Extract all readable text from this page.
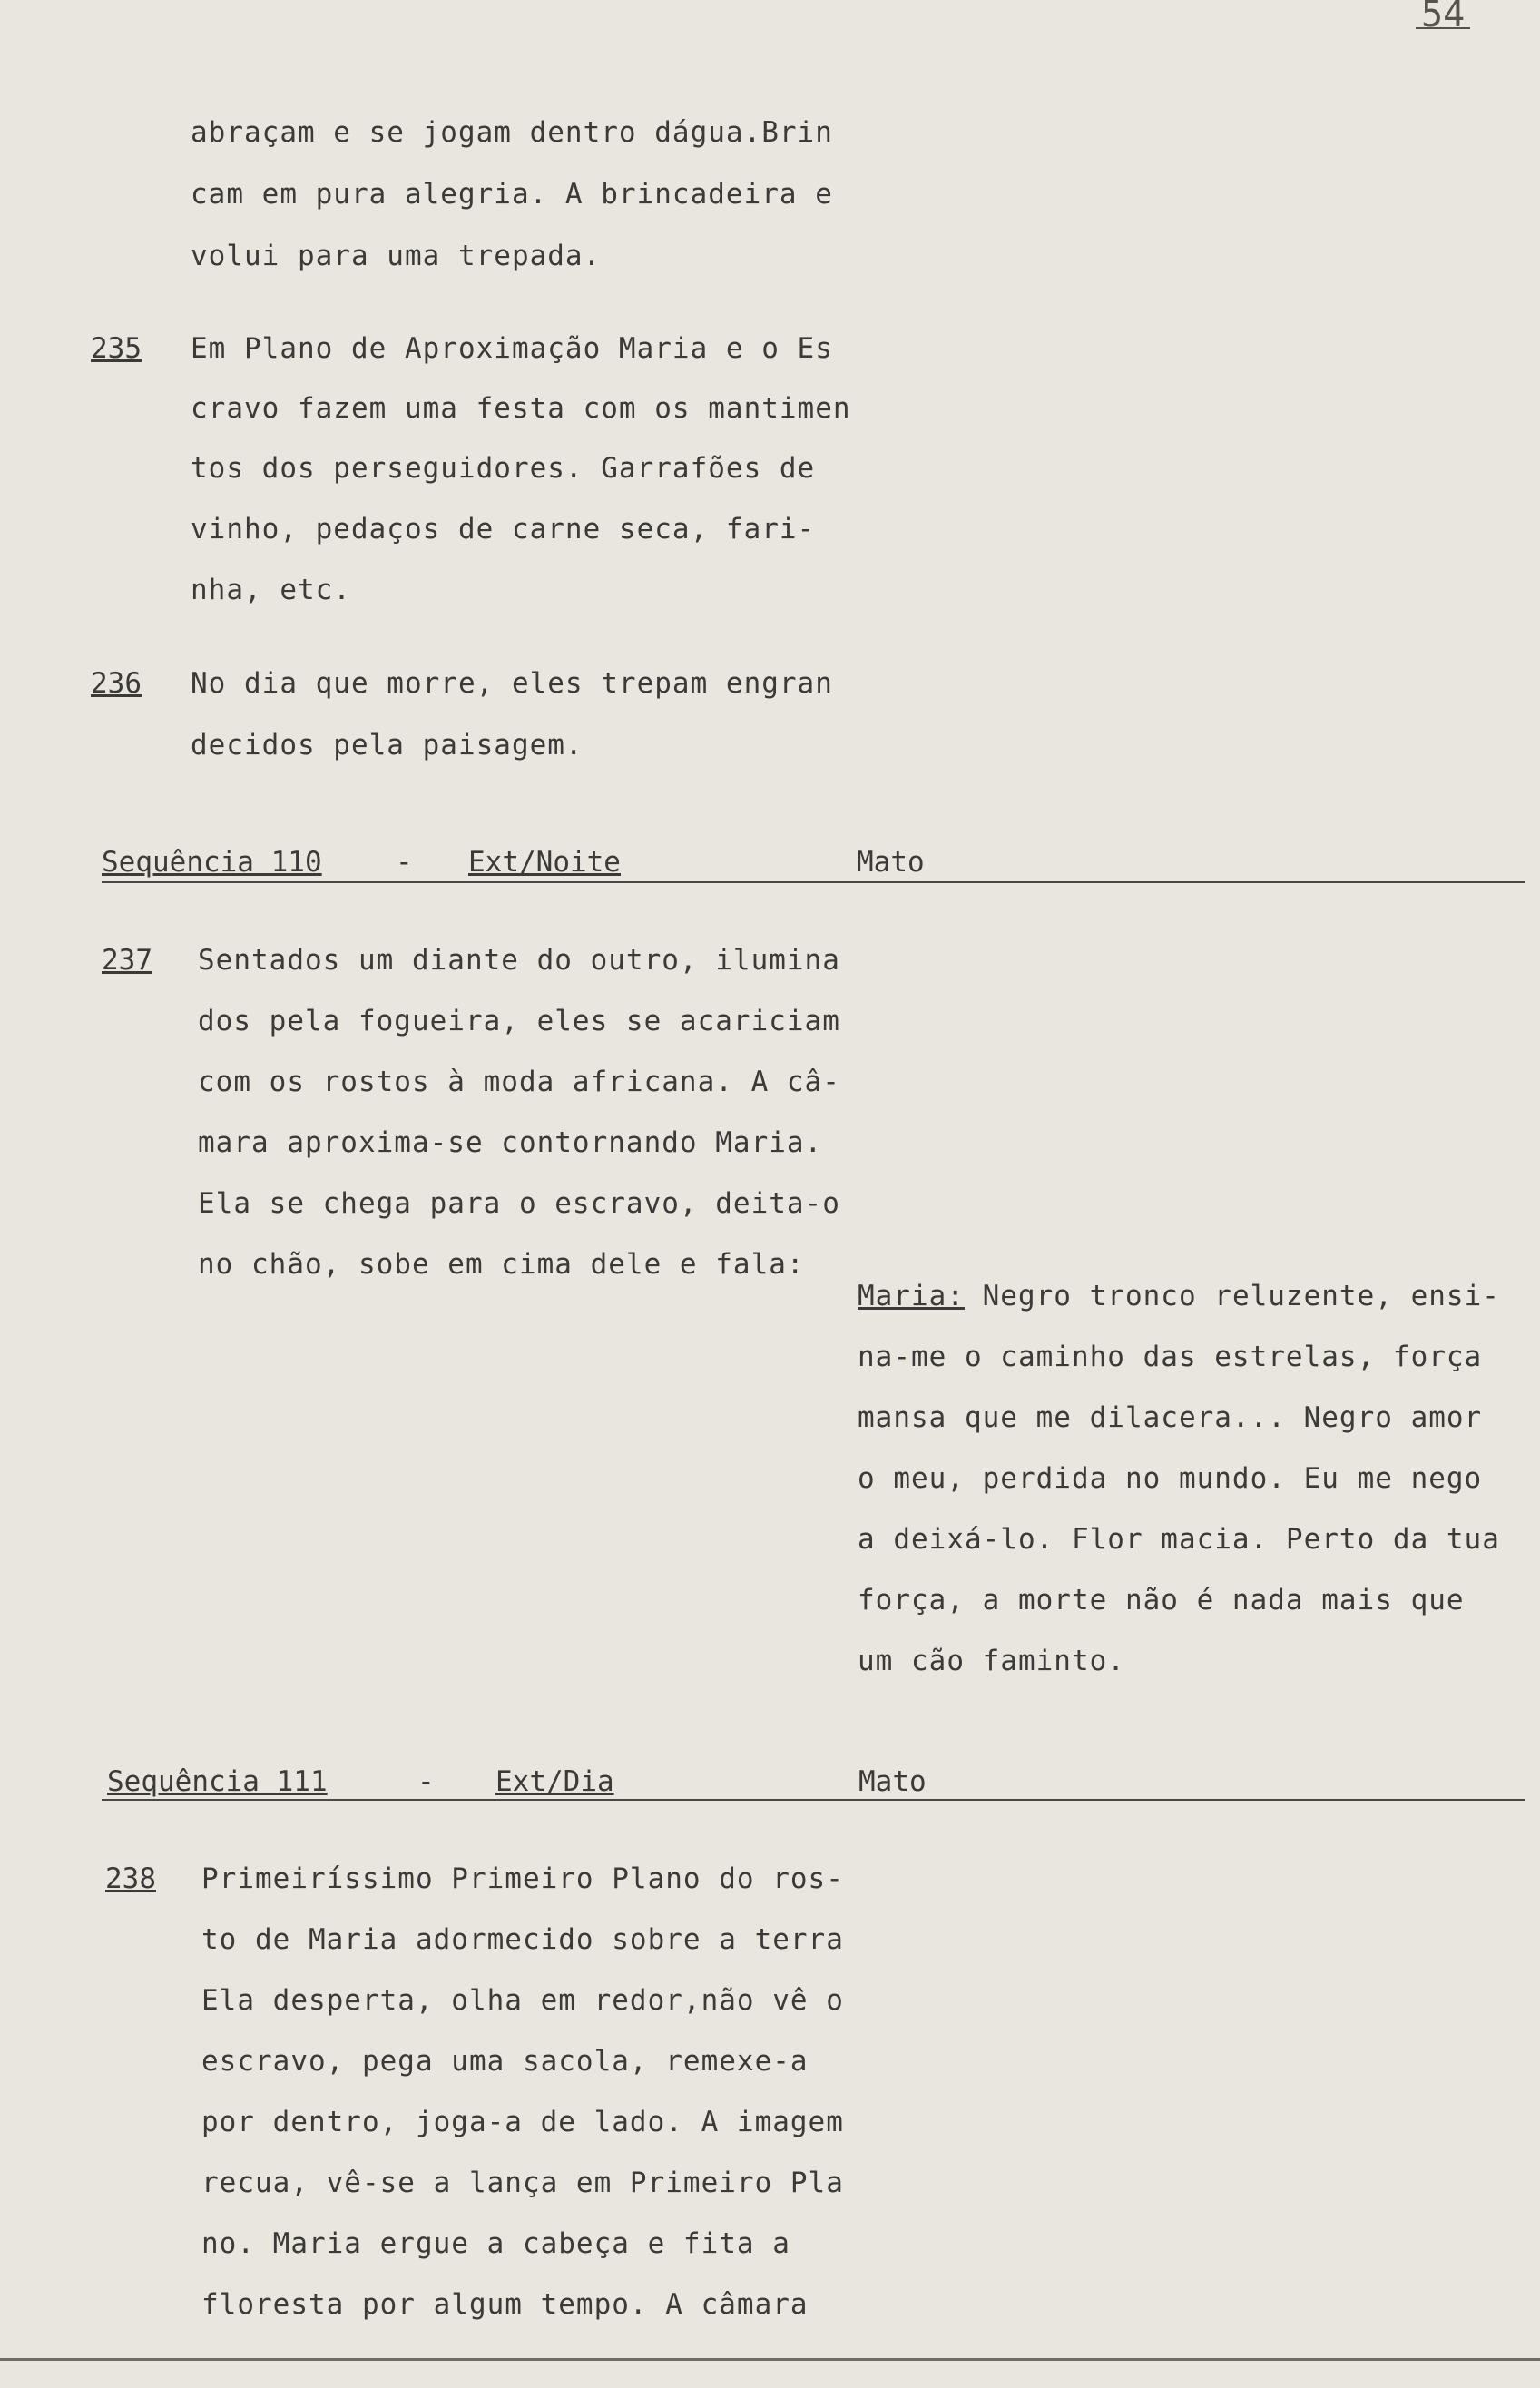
54
abraçam e se jogam dentro dágua.Brin
cam em pura alegria. A brincadeira e
volui para uma trepada.
235 Em Plano de Aproximação Maria e o Es
cravo fazem uma festa com os mantimen
tos dos perseguidores. Garrafões de
vinho, pedaços de carne seca, fari-
nha, etc.
236 No dia que morre, eles trepam engran
decidos pela paisagem.
Sequência 110	- Ext/Noite	Mato
237 Sentados um diante do outro, ilumina
dos pela fogueira, eles se acariciam
com os rostos à moda africana. A câ-
mara aproxima-se contornando Maria.
Ela se chega para o escravo, deita-o
no chão, sobe em cima dele e fala:
Maria: Negro tronco reluzente, ensi-
na-me o caminho das estrelas, força
mansa que me dilacera... Negro amor
o meu, perdida no mundo. Eu me nego
a deixá-lo. Flor macia. Perto da tua
força, a morte não é nada mais que
um cão faminto.
Sequência 111	- Ext/Dia	Mato
238 Primeiríssimo Primeiro Plano do ros-
to de Maria adormecido sobre a terra
Ela desperta, olha em redor,não vê o
escravo, pega uma sacola, remexe-a
por dentro, joga-a de lado. A imagem
recua, vê-se a lança em Primeiro Pla
no. Maria ergue a cabeça e fita a
floresta por algum tempo. A câmara
